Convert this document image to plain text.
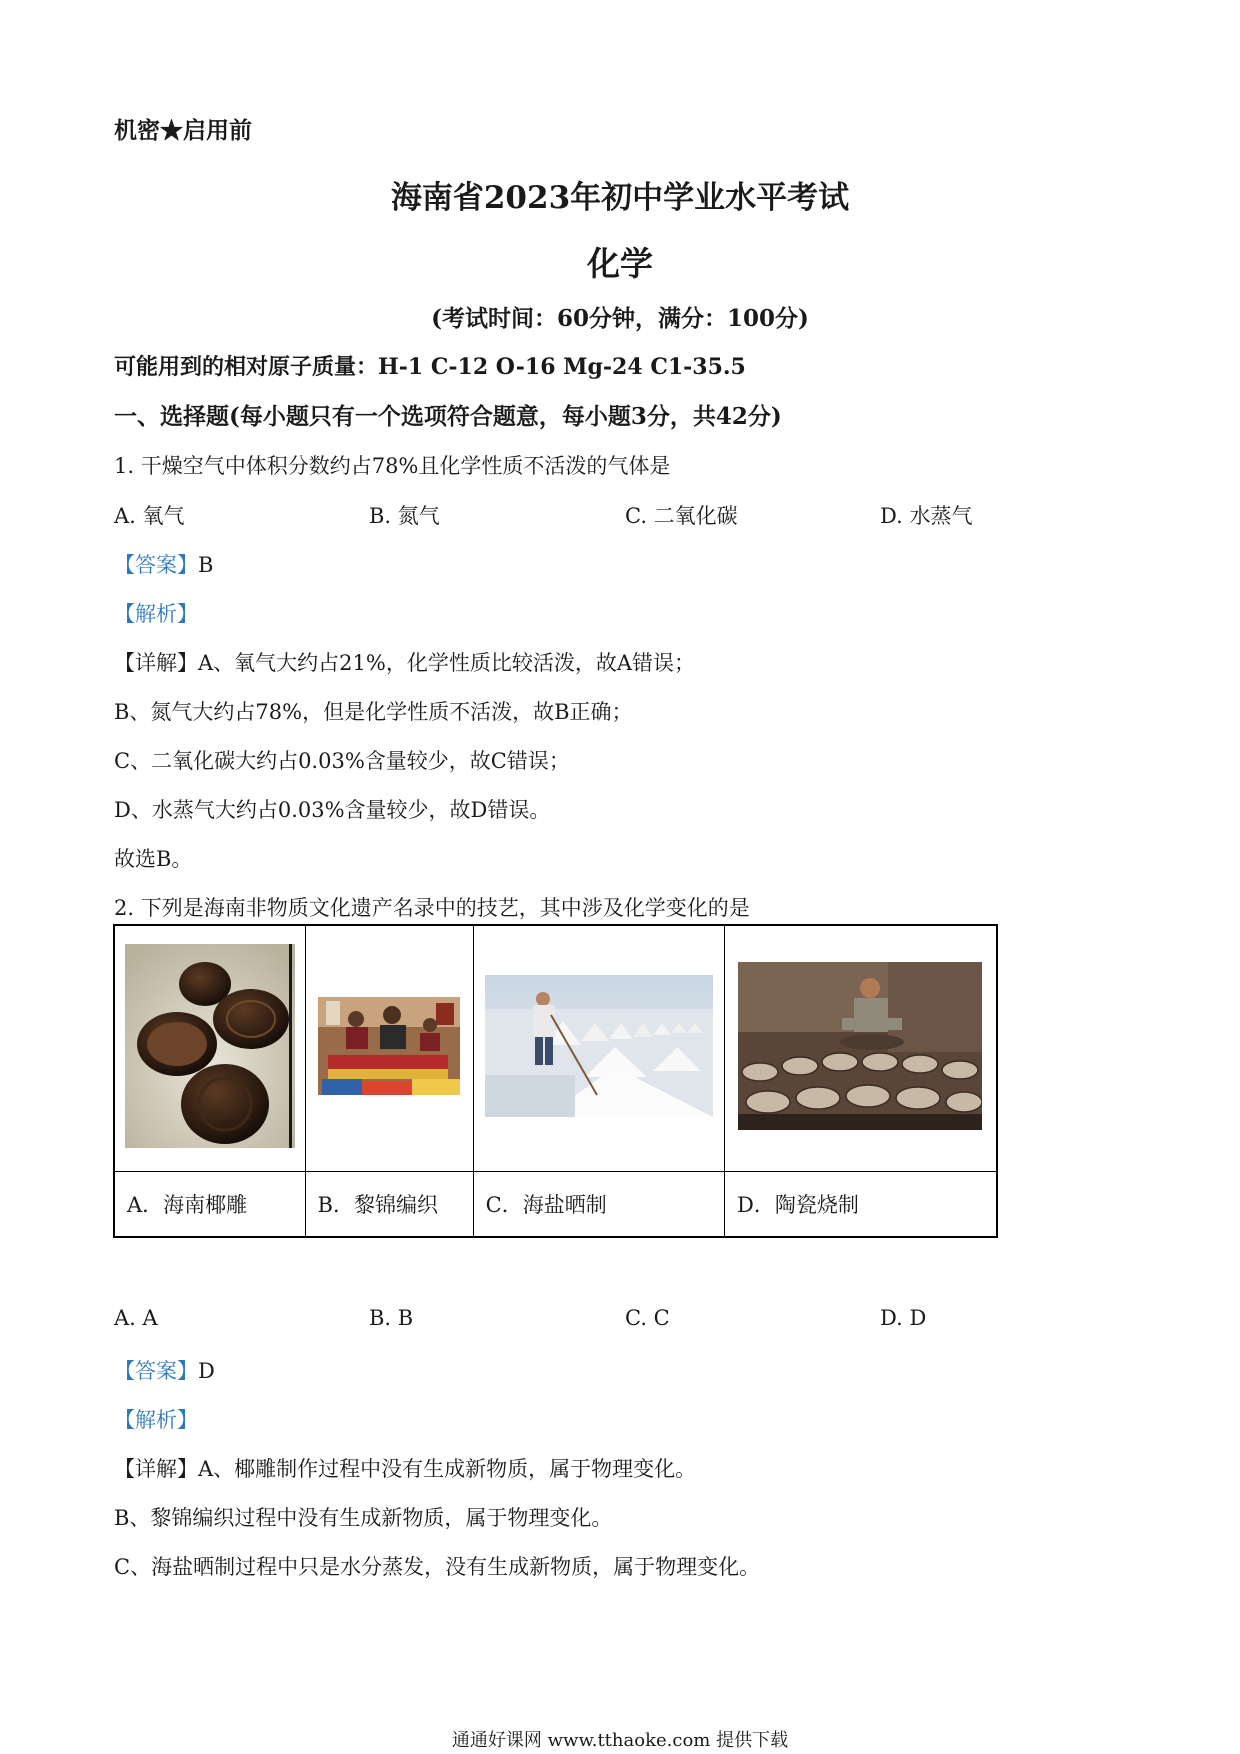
机密★启用前
海南省2023年初中学业水平考试
化学
(考试时间：60分钟，满分：100分)
可能用到的相对原子质量：H-1 C-12 O-16 Mg-24 C1-35.5
一、选择题(每小题只有一个选项符合题意，每小题3分，共42分)
1. 干燥空气中体积分数约占78%且化学性质不活泼的气体是
A. 氧气	B. 氮气	C. 二氧化碳	D. 水蒸气
【答案】B
【解析】
【详解】A、氧气大约占21%，化学性质比较活泼，故A错误；
B、氮气大约占78%，但是化学性质不活泼，故B正确；
C、二氧化碳大约占0.03%含量较少，故C错误；
D、水蒸气大约占0.03%含量较少，故D错误。
故选B。
2. 下列是海南非物质文化遗产名录中的技艺，其中涉及化学变化的是

A．海南椰雕	B．黎锦编织	C．海盐晒制	D．陶瓷烧制
A. A	B. B	C. C	D. D
【答案】D
【解析】
【详解】A、椰雕制作过程中没有生成新物质，属于物理变化。
B、黎锦编织过程中没有生成新物质，属于物理变化。
C、海盐晒制过程中只是水分蒸发，没有生成新物质，属于物理变化。
通通好课网 www.tthaoke.com 提供下载
